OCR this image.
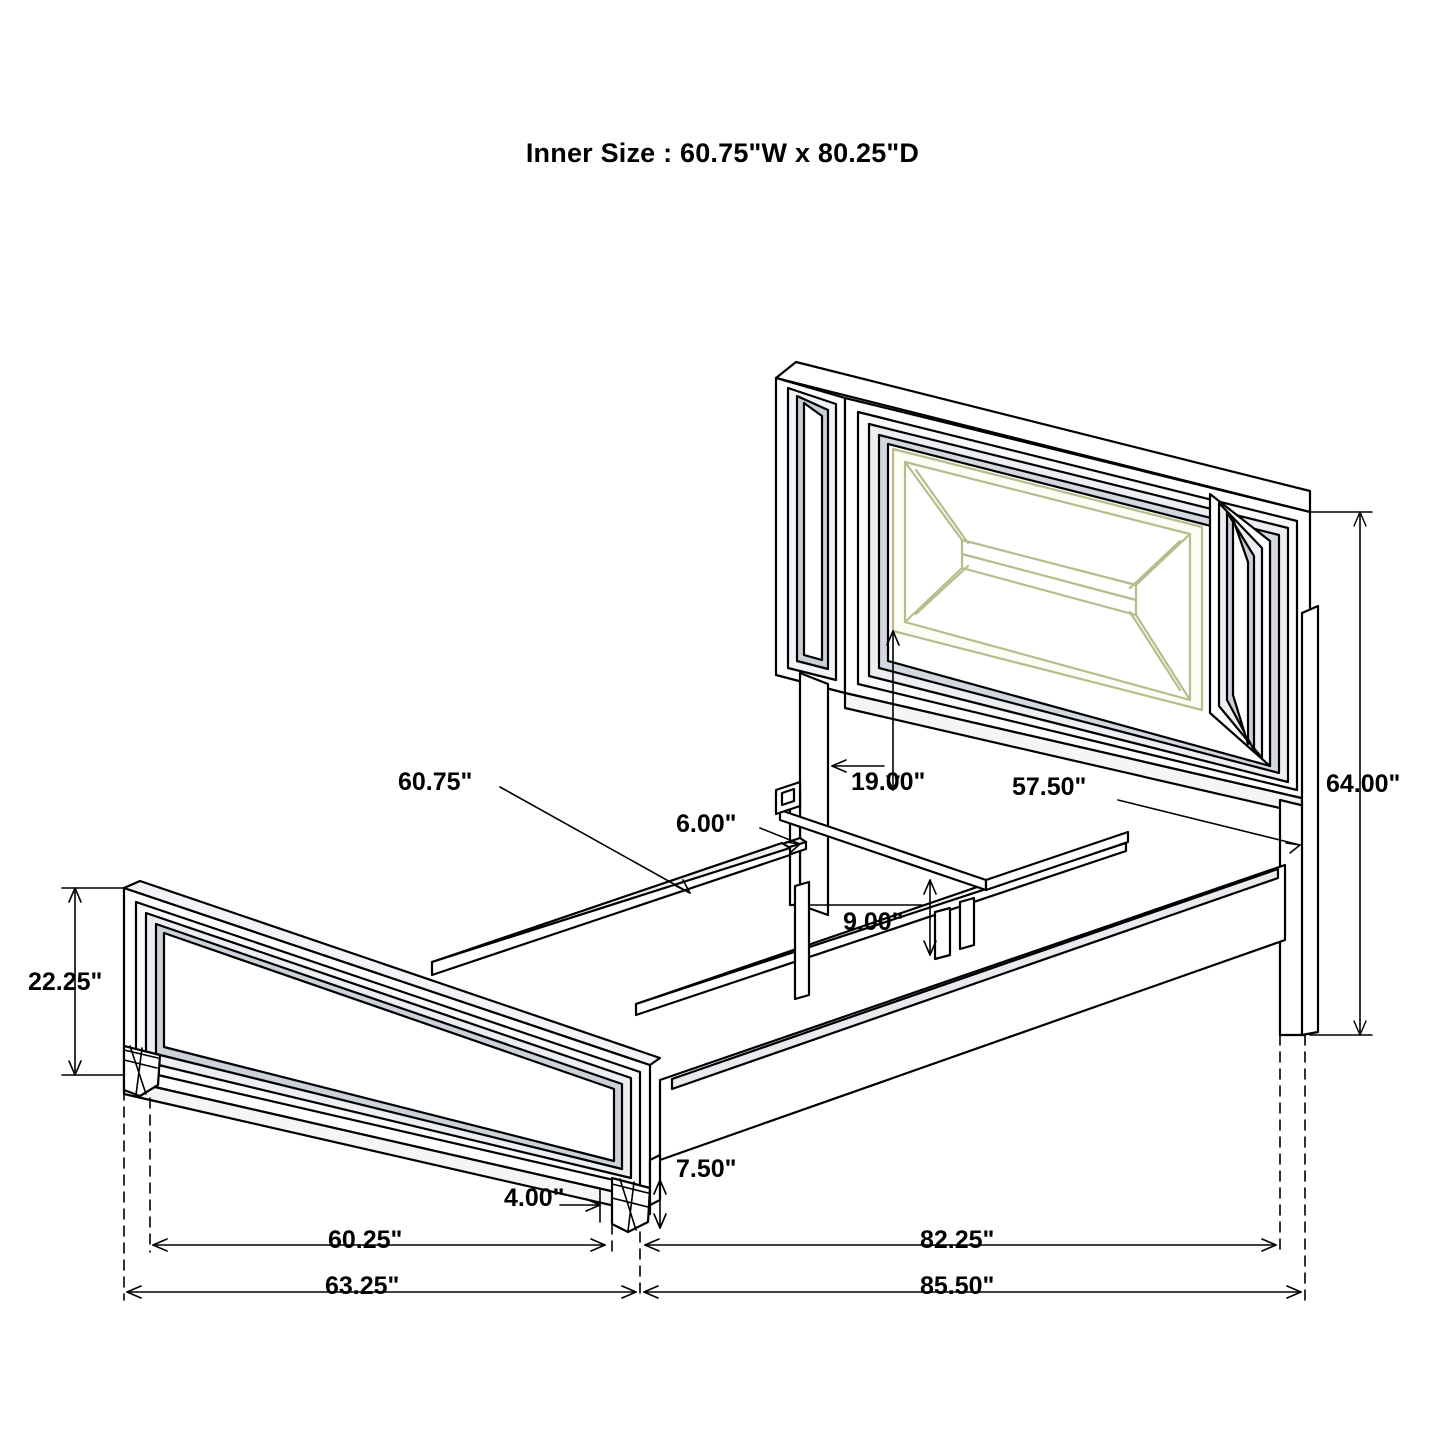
Inner Size : 60.75"W x 80.25"D
64.00"
57.50"
19.00"
60.75"
6.00"
9.00"
22.25"
7.50"
4.00"
60.25"	82.25"
63.25"	85.50"
